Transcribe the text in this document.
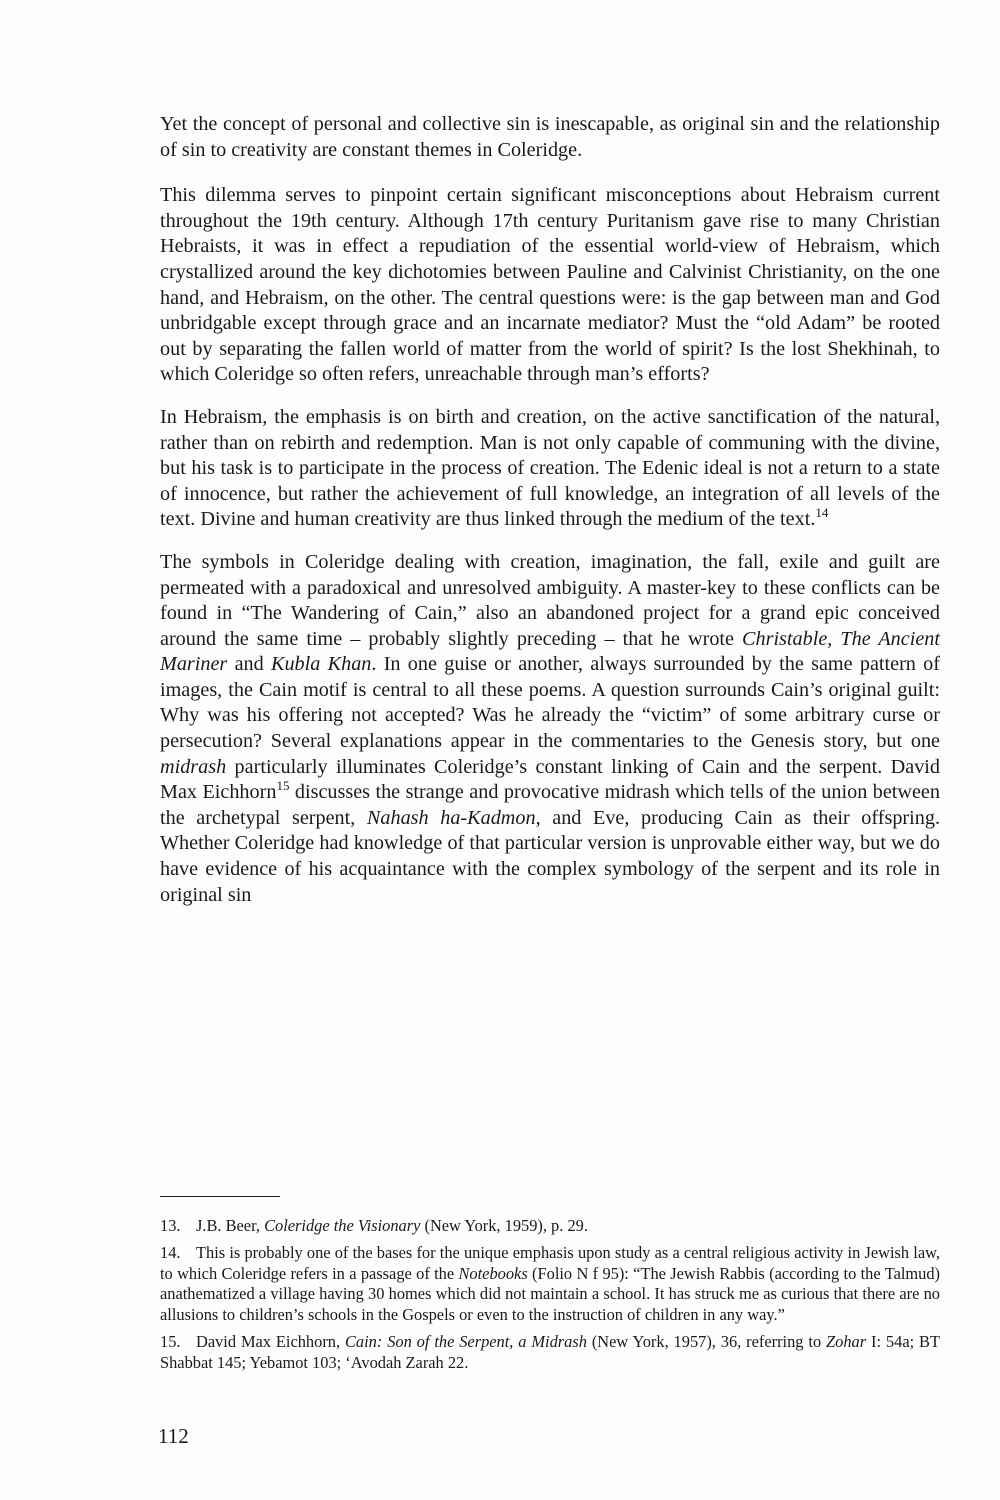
Yet the concept of personal and collective sin is inescapable, as original sin and the relationship of sin to creativity are constant themes in Coleridge.

This dilemma serves to pinpoint certain significant misconceptions about Hebraism current throughout the 19th century. Although 17th century Puritanism gave rise to many Christian Hebraists, it was in effect a repudiation of the essential world-view of Hebraism, which crystallized around the key dichotomies between Pauline and Calvinist Christianity, on the one hand, and Hebraism, on the other. The central questions were: is the gap between man and God unbridgable except through grace and an incarnate mediator? Must the “old Adam” be rooted out by separating the fallen world of matter from the world of spirit? Is the lost Shekhinah, to which Coleridge so often refers, unreachable through man’s efforts?

In Hebraism, the emphasis is on birth and creation, on the active sanctification of the natural, rather than on rebirth and redemption. Man is not only capable of communing with the divine, but his task is to participate in the process of creation. The Edenic ideal is not a return to a state of innocence, but rather the achievement of full knowledge, an integration of all levels of the text. Divine and human creativity are thus linked through the medium of the text.$^{14}$

The symbols in Coleridge dealing with creation, imagination, the fall, exile and guilt are permeated with a paradoxical and unresolved ambiguity. A master-key to these conflicts can be found in “The Wandering of Cain,” also an abandoned project for a grand epic conceived around the same time – probably slightly preceding – that he wrote Christable, The Ancient Mariner and Kubla Khan. In one guise or another, always surrounded by the same pattern of images, the Cain motif is central to all these poems. A question surrounds Cain’s original guilt: Why was his offering not accepted? Was he already the “victim” of some arbitrary curse or persecution? Several explanations appear in the commentaries to the Genesis story, but one midrash particularly illuminates Coleridge’s constant linking of Cain and the serpent. David Max Eichhorn$^{15}$ discusses the strange and provocative midrash which tells of the union between the archetypal serpent, Nahash ha-Kadmon, and Eve, producing Cain as their offspring. Whether Coleridge had knowledge of that particular version is unprovable either way, but we do have evidence of his acquaintance with the complex symbology of the serpent and its role in original sin

13. J.B. Beer, Coleridge the Visionary (New York, 1959), p. 29.

14. This is probably one of the bases for the unique emphasis upon study as a central religious activity in Jewish law, to which Coleridge refers in a passage of the Notebooks (Folio N f 95): “The Jewish Rabbis (according to the Talmud) anathematized a village having 30 homes which did not maintain a school. It has struck me as curious that there are no allusions to children’s schools in the Gospels or even to the instruction of children in any way.”

15. David Max Eichhorn, Cain: Son of the Serpent, a Midrash (New York, 1957), 36, referring to Zohar I: 54a; BT Shabbat 145; Yebamot 103; ‘Avodah Zarah 22.

112
